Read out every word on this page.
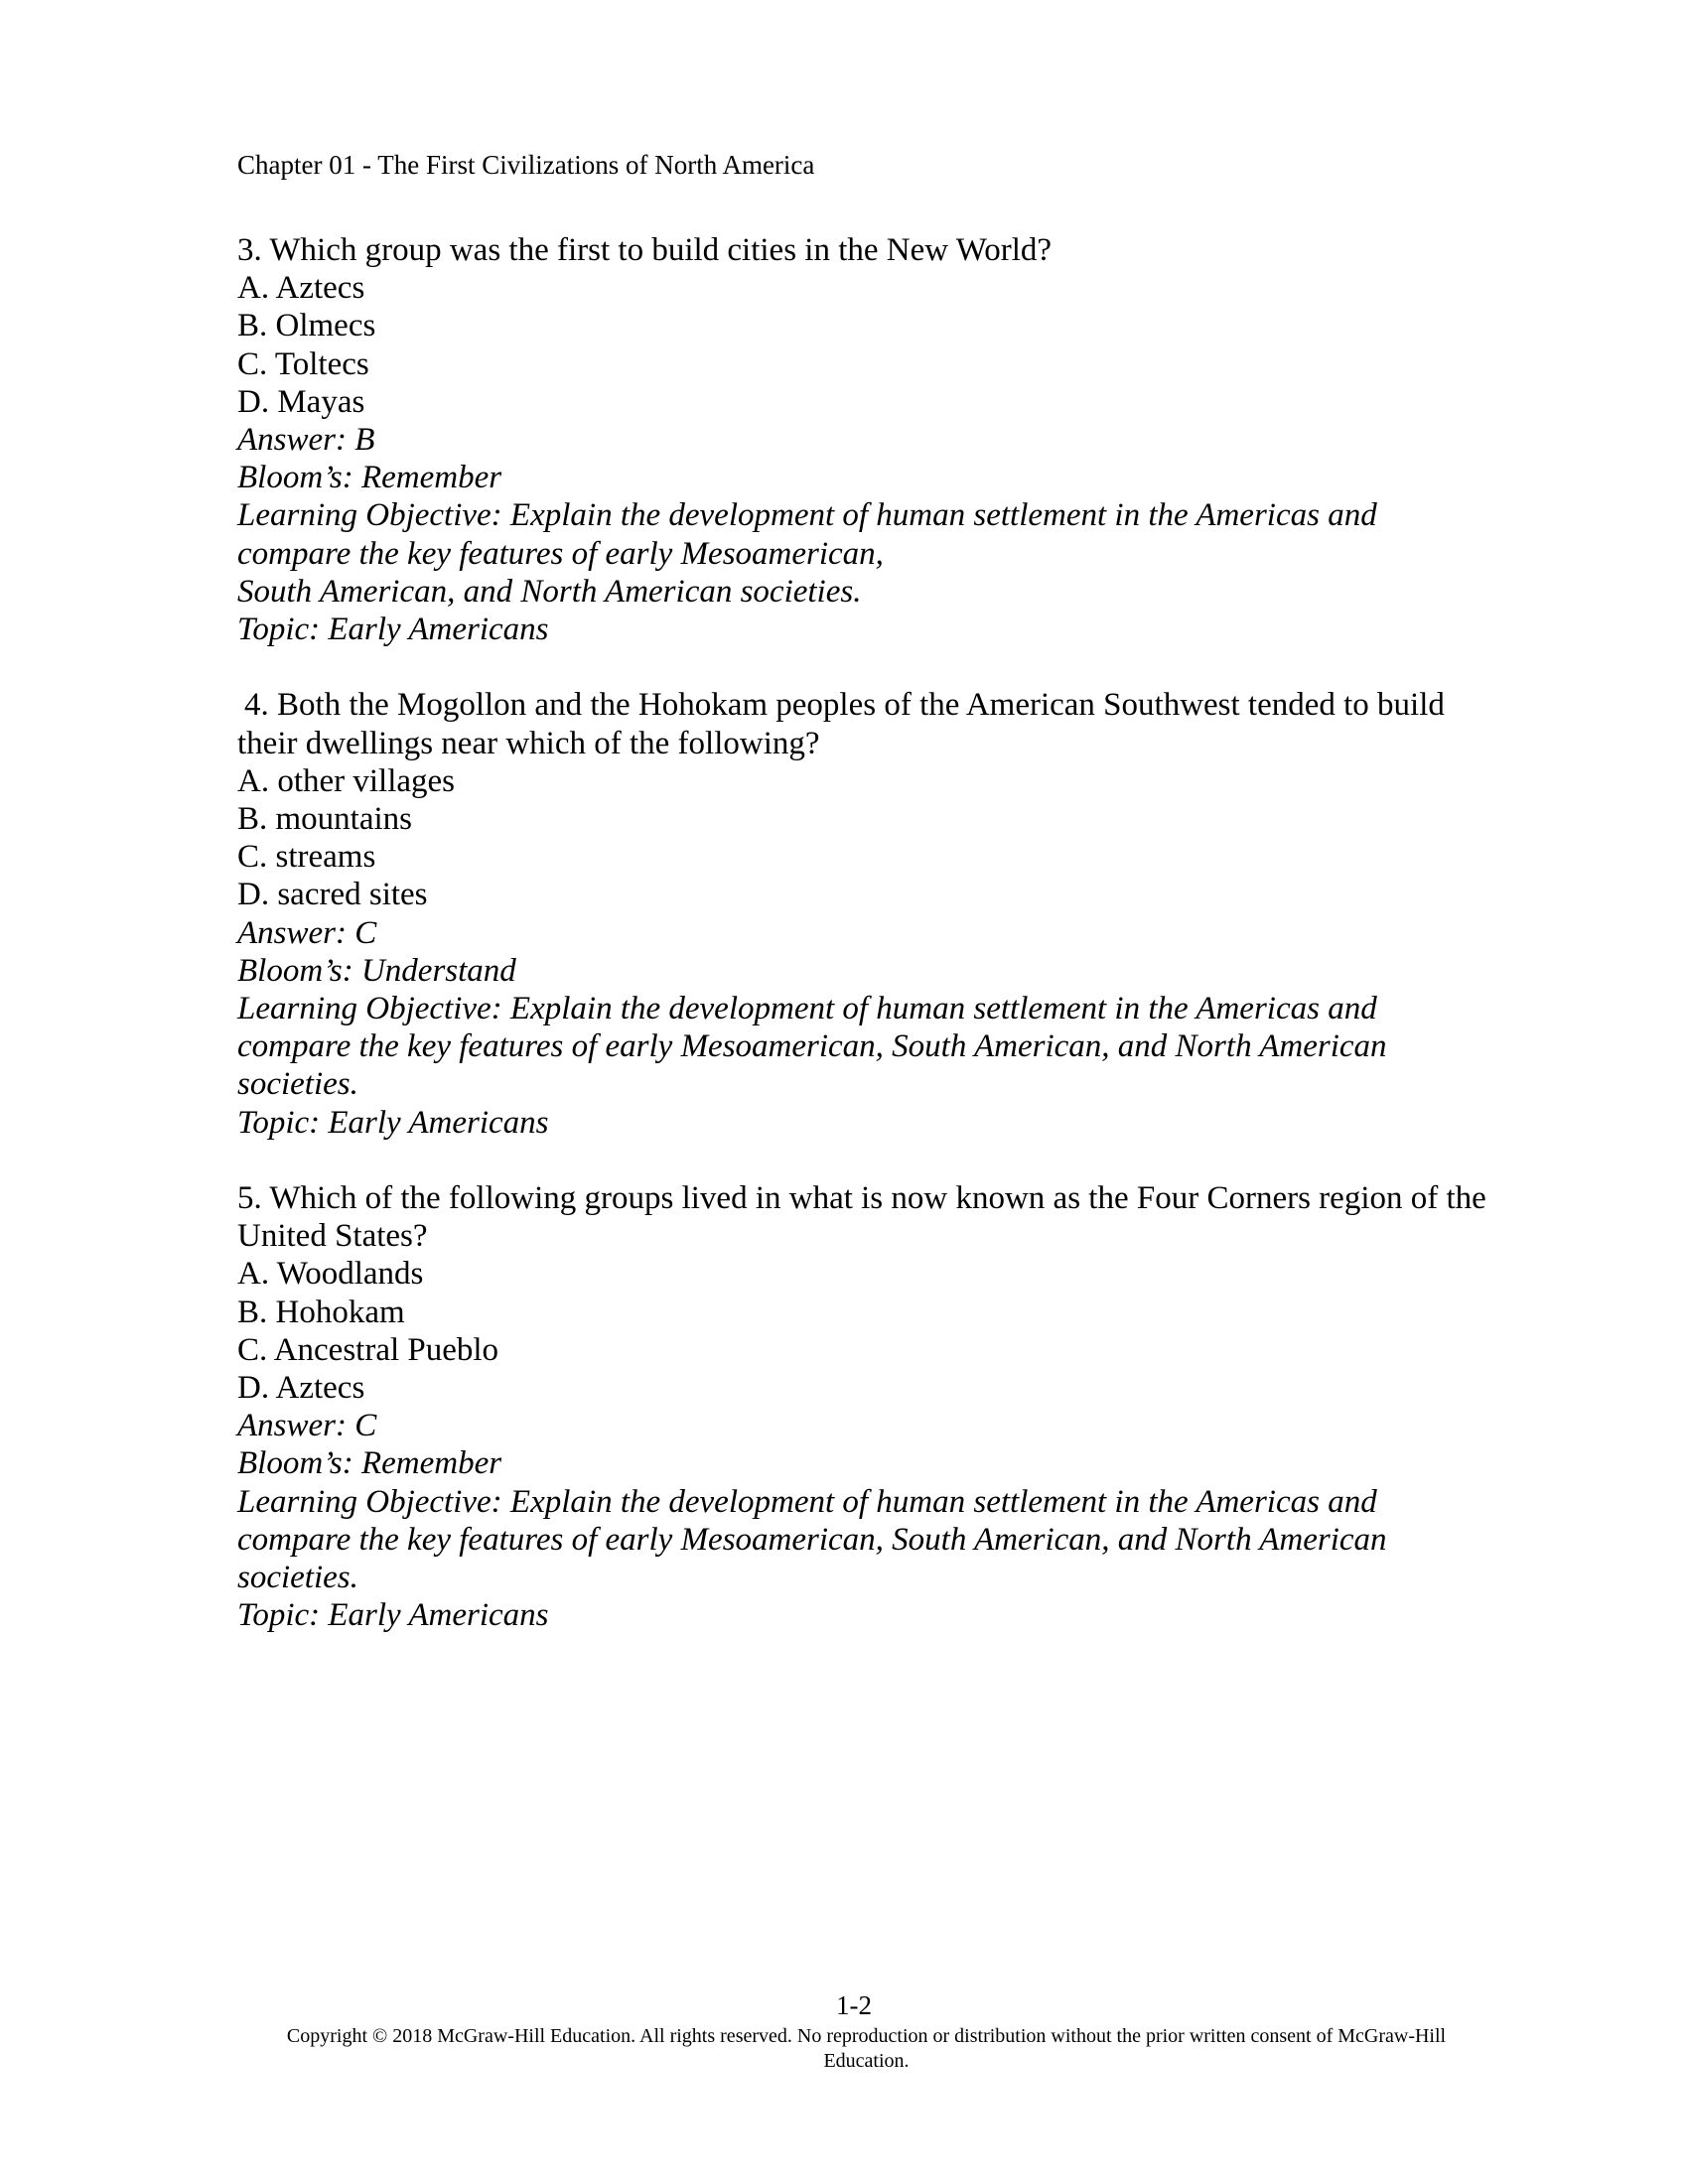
Chapter 01 - The First Civilizations of North America
3. Which group was the first to build cities in the New World?
A. Aztecs
B. Olmecs
C. Toltecs
D. Mayas
Answer: B
Bloom’s: Remember
Learning Objective: Explain the development of human settlement in the Americas and
compare the key features of early Mesoamerican,
South American, and North American societies.
Topic: Early Americans
4. Both the Mogollon and the Hohokam peoples of the American Southwest tended to build their dwellings near which of the following?
A. other villages
B. mountains
C. streams
D. sacred sites
Answer: C
Bloom’s: Understand
Learning Objective: Explain the development of human settlement in the Americas and
compare the key features of early Mesoamerican, South American, and North American
societies.
Topic: Early Americans
5. Which of the following groups lived in what is now known as the Four Corners region of the United States?
A. Woodlands
B. Hohokam
C. Ancestral Pueblo
D. Aztecs
Answer: C
Bloom’s: Remember
Learning Objective: Explain the development of human settlement in the Americas and
compare the key features of early Mesoamerican, South American, and North American
societies.
Topic: Early Americans
1-2
Copyright © 2018 McGraw-Hill Education. All rights reserved. No reproduction or distribution without the prior written consent of McGraw-Hill Education.
